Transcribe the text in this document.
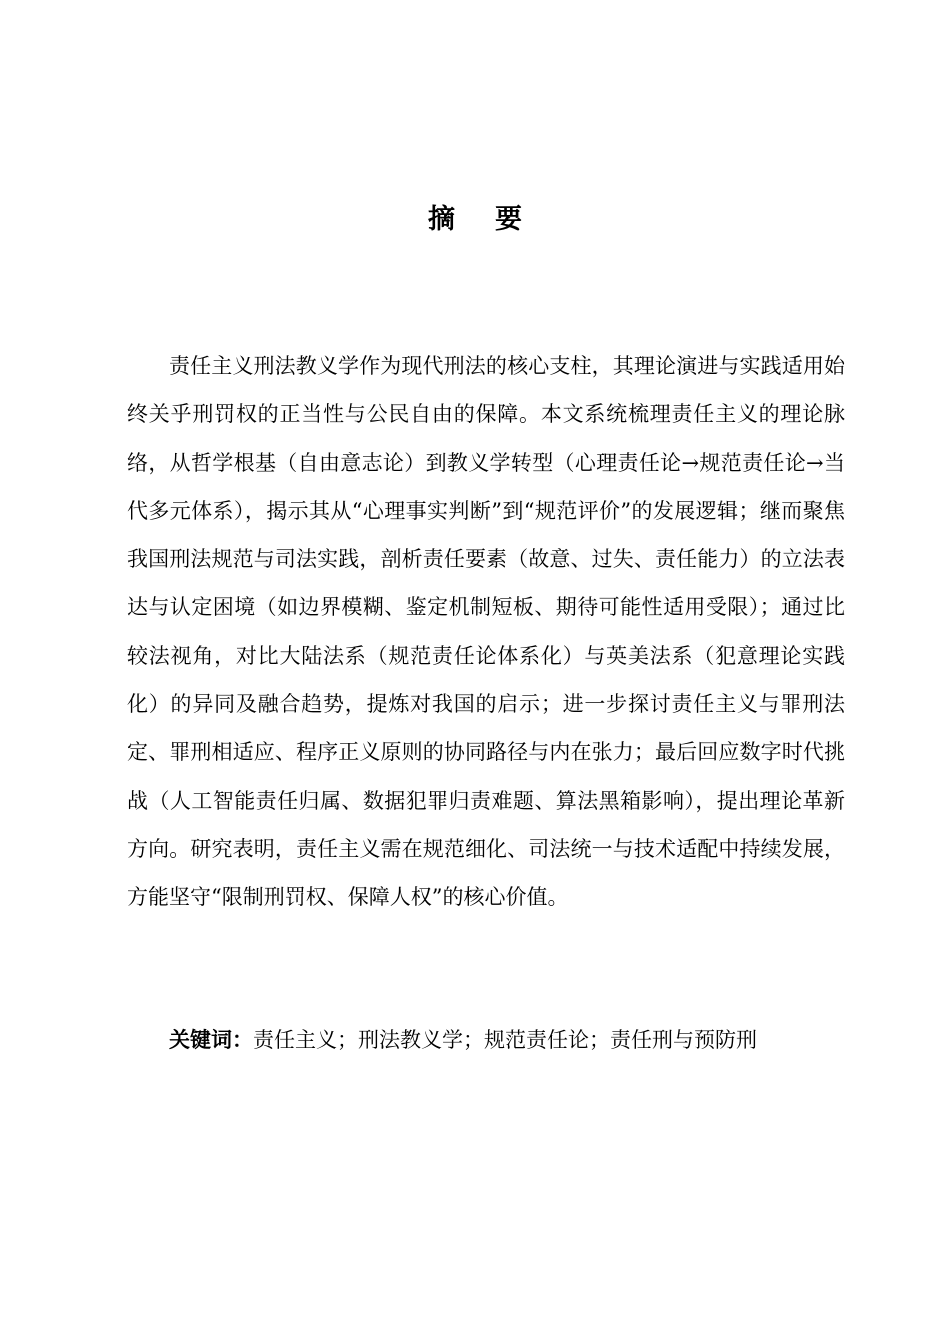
摘要

责任主义刑法教义学作为现代刑法的核心支柱，其理论演进与实践适用始终关乎刑罚权的正当性与公民自由的保障。本文系统梳理责任主义的理论脉络，从哲学根基（自由意志论）到教义学转型（心理责任论→规范责任论→当代多元体系），揭示其从“心理事实判断”到“规范评价”的发展逻辑；继而聚焦我国刑法规范与司法实践，剖析责任要素（故意、过失、责任能力）的立法表达与认定困境（如边界模糊、鉴定机制短板、期待可能性适用受限）；通过比较法视角，对比大陆法系（规范责任论体系化）与英美法系（犯意理论实践化）的异同及融合趋势，提炼对我国的启示；进一步探讨责任主义与罪刑法定、罪刑相适应、程序正义原则的协同路径与内在张力；最后回应数字时代挑战（人工智能责任归属、数据犯罪归责难题、算法黑箱影响），提出理论革新方向。研究表明，责任主义需在规范细化、司法统一与技术适配中持续发展，方能坚守“限制刑罚权、保障人权”的核心价值。

关键词：责任主义；刑法教义学；规范责任论；责任刑与预防刑
